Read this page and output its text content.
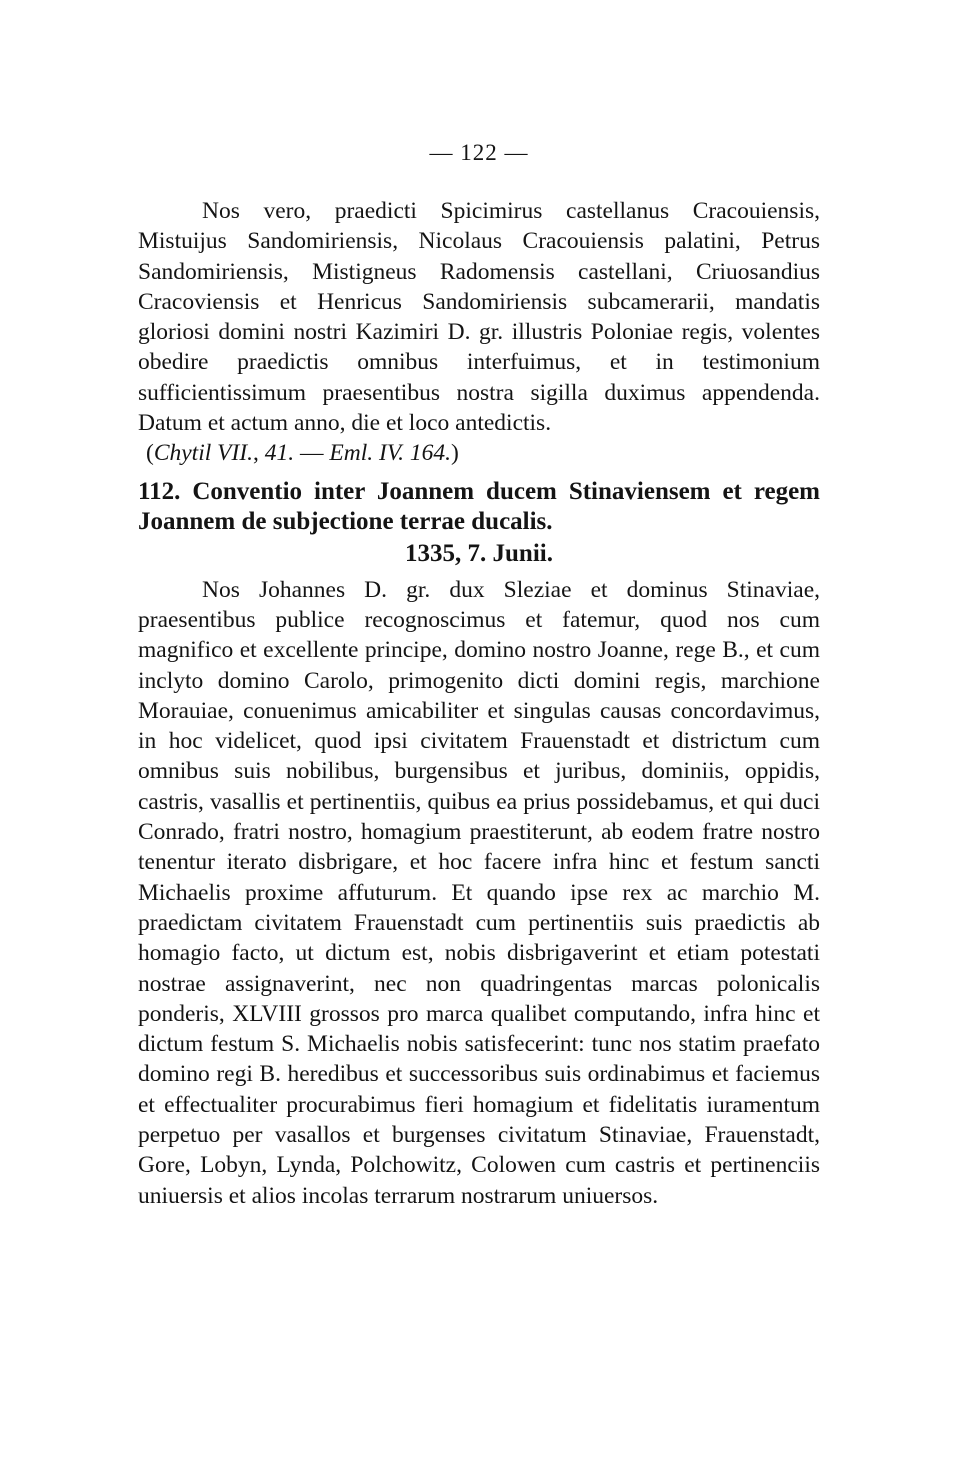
— 122 —

Nos vero, praedicti Spicimirus castellanus Cracouiensis, Mistuijus Sandomiriensis, Nicolaus Cracouiensis palatini, Petrus Sandomiriensis, Mistigneus Radomensis castellani, Criuosandius Cracoviensis et Henricus Sandomiriensis subcamerarii, mandatis gloriosi domini nostri Kazimiri D. gr. illustris Poloniae regis, volentes obedire praedictis omnibus interfuimus, et in testimonium sufficientissimum praesentibus nostra sigilla duximus appendenda. Datum et actum anno, die et loco antedictis.

(Chytil VII., 41. — Eml. IV. 164.)

112. Conventio inter Joannem ducem Stinaviensem et regem Joannem de subjectione terrae ducalis.

1335, 7. Junii.

Nos Johannes D. gr. dux Sleziae et dominus Stinaviae, praesentibus publice recognoscimus et fatemur, quod nos cum magnifico et excellente principe, domino nostro Joanne, rege B., et cum inclyto domino Carolo, primogenito dicti domini regis, marchione Morauiae, conuenimus amicabiliter et singulas causas concordavimus, in hoc videlicet, quod ipsi civitatem Frauenstadt et districtum cum omnibus suis nobilibus, burgensibus et juribus, dominiis, oppidis, castris, vasallis et pertinentiis, quibus ea prius possidebamus, et qui duci Conrado, fratri nostro, homagium praestiterunt, ab eodem fratre nostro tenentur iterato disbrigare, et hoc facere infra hinc et festum sancti Michaelis proxime affuturum. Et quando ipse rex ac marchio M. praedictam civitatem Frauenstadt cum pertinentiis suis praedictis ab homagio facto, ut dictum est, nobis disbrigaverint et etiam potestati nostrae assignaverint, nec non quadringentas marcas polonicalis ponderis, XLVIII grossos pro marca qualibet computando, infra hinc et dictum festum S. Michaelis nobis satisfecerint: tunc nos statim praefato domino regi B. heredibus et successoribus suis ordinabimus et faciemus et effectualiter procurabimus fieri homagium et fidelitatis iuramentum perpetuo per vasallos et burgenses civitatum Stinaviae, Frauenstadt, Gore, Lobyn, Lynda, Polchowitz, Colowen cum castris et pertinenciis uniuersis et alios incolas terrarum nostrarum uniuersos.
